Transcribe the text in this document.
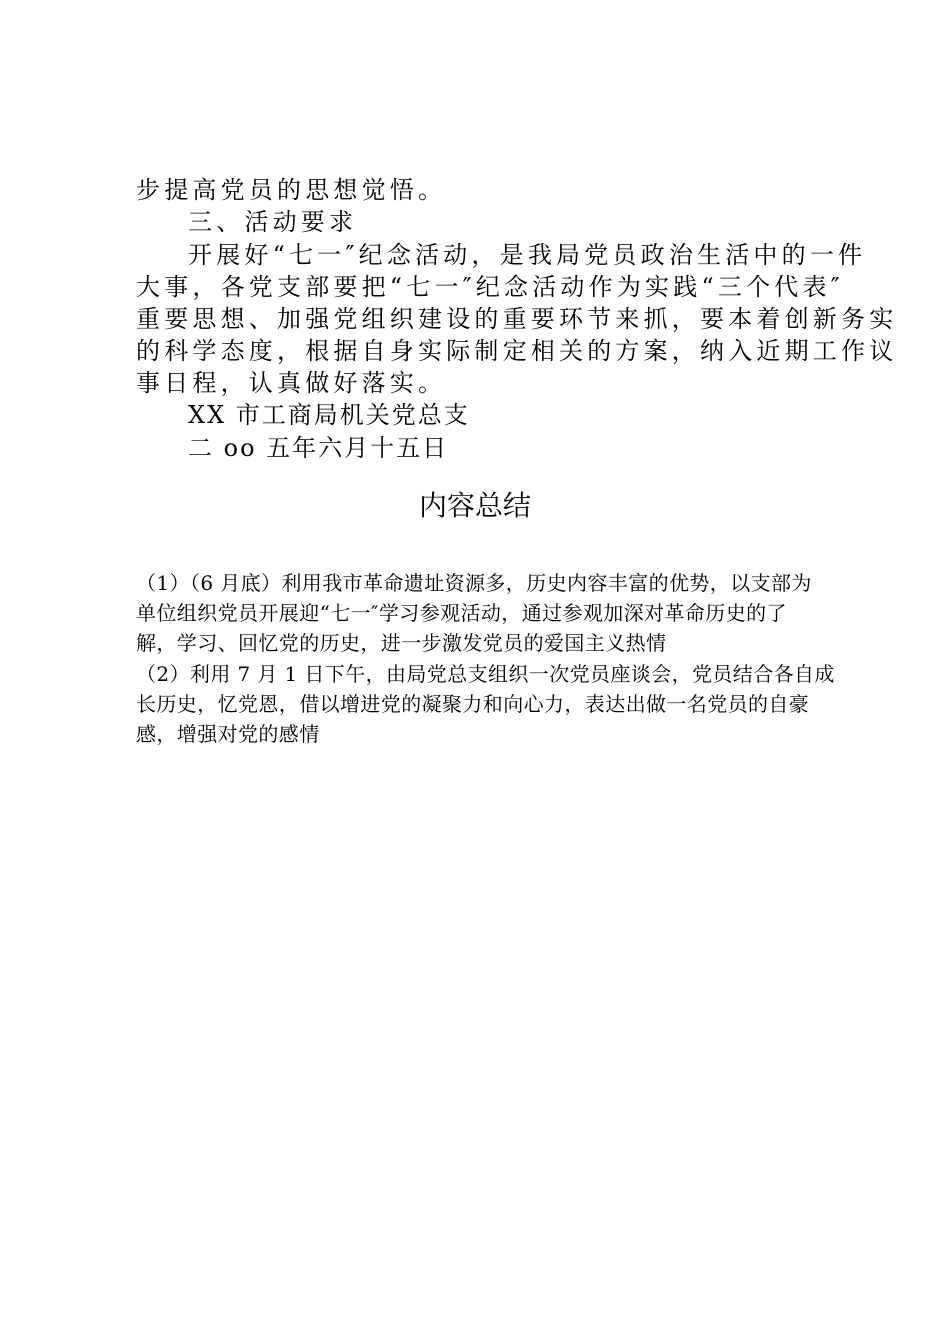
步提高党员的思想觉悟。
三、活动要求
开展好“七一″纪念活动，是我局党员政治生活中的一件
大事，各党支部要把“七一″纪念活动作为实践“三个代表″
重要思想、加强党组织建设的重要环节来抓，要本着创新务实
的科学态度，根据自身实际制定相关的方案，纳入近期工作议
事日程，认真做好落实。
XX 市工商局机关党总支
二 oo 五年六月十五日
内容总结
（1）（6 月底）利用我市革命遗址资源多，历史内容丰富的优势，以支部为
单位组织党员开展迎“七一″学习参观活动，通过参观加深对革命历史的了
解，学习、回忆党的历史，进一步激发党员的爱国主义热情
（2）利用 7 月 1 日下午，由局党总支组织一次党员座谈会，党员结合各自成
长历史，忆党恩，借以增进党的凝聚力和向心力，表达出做一名党员的自豪
感，增强对党的感情
